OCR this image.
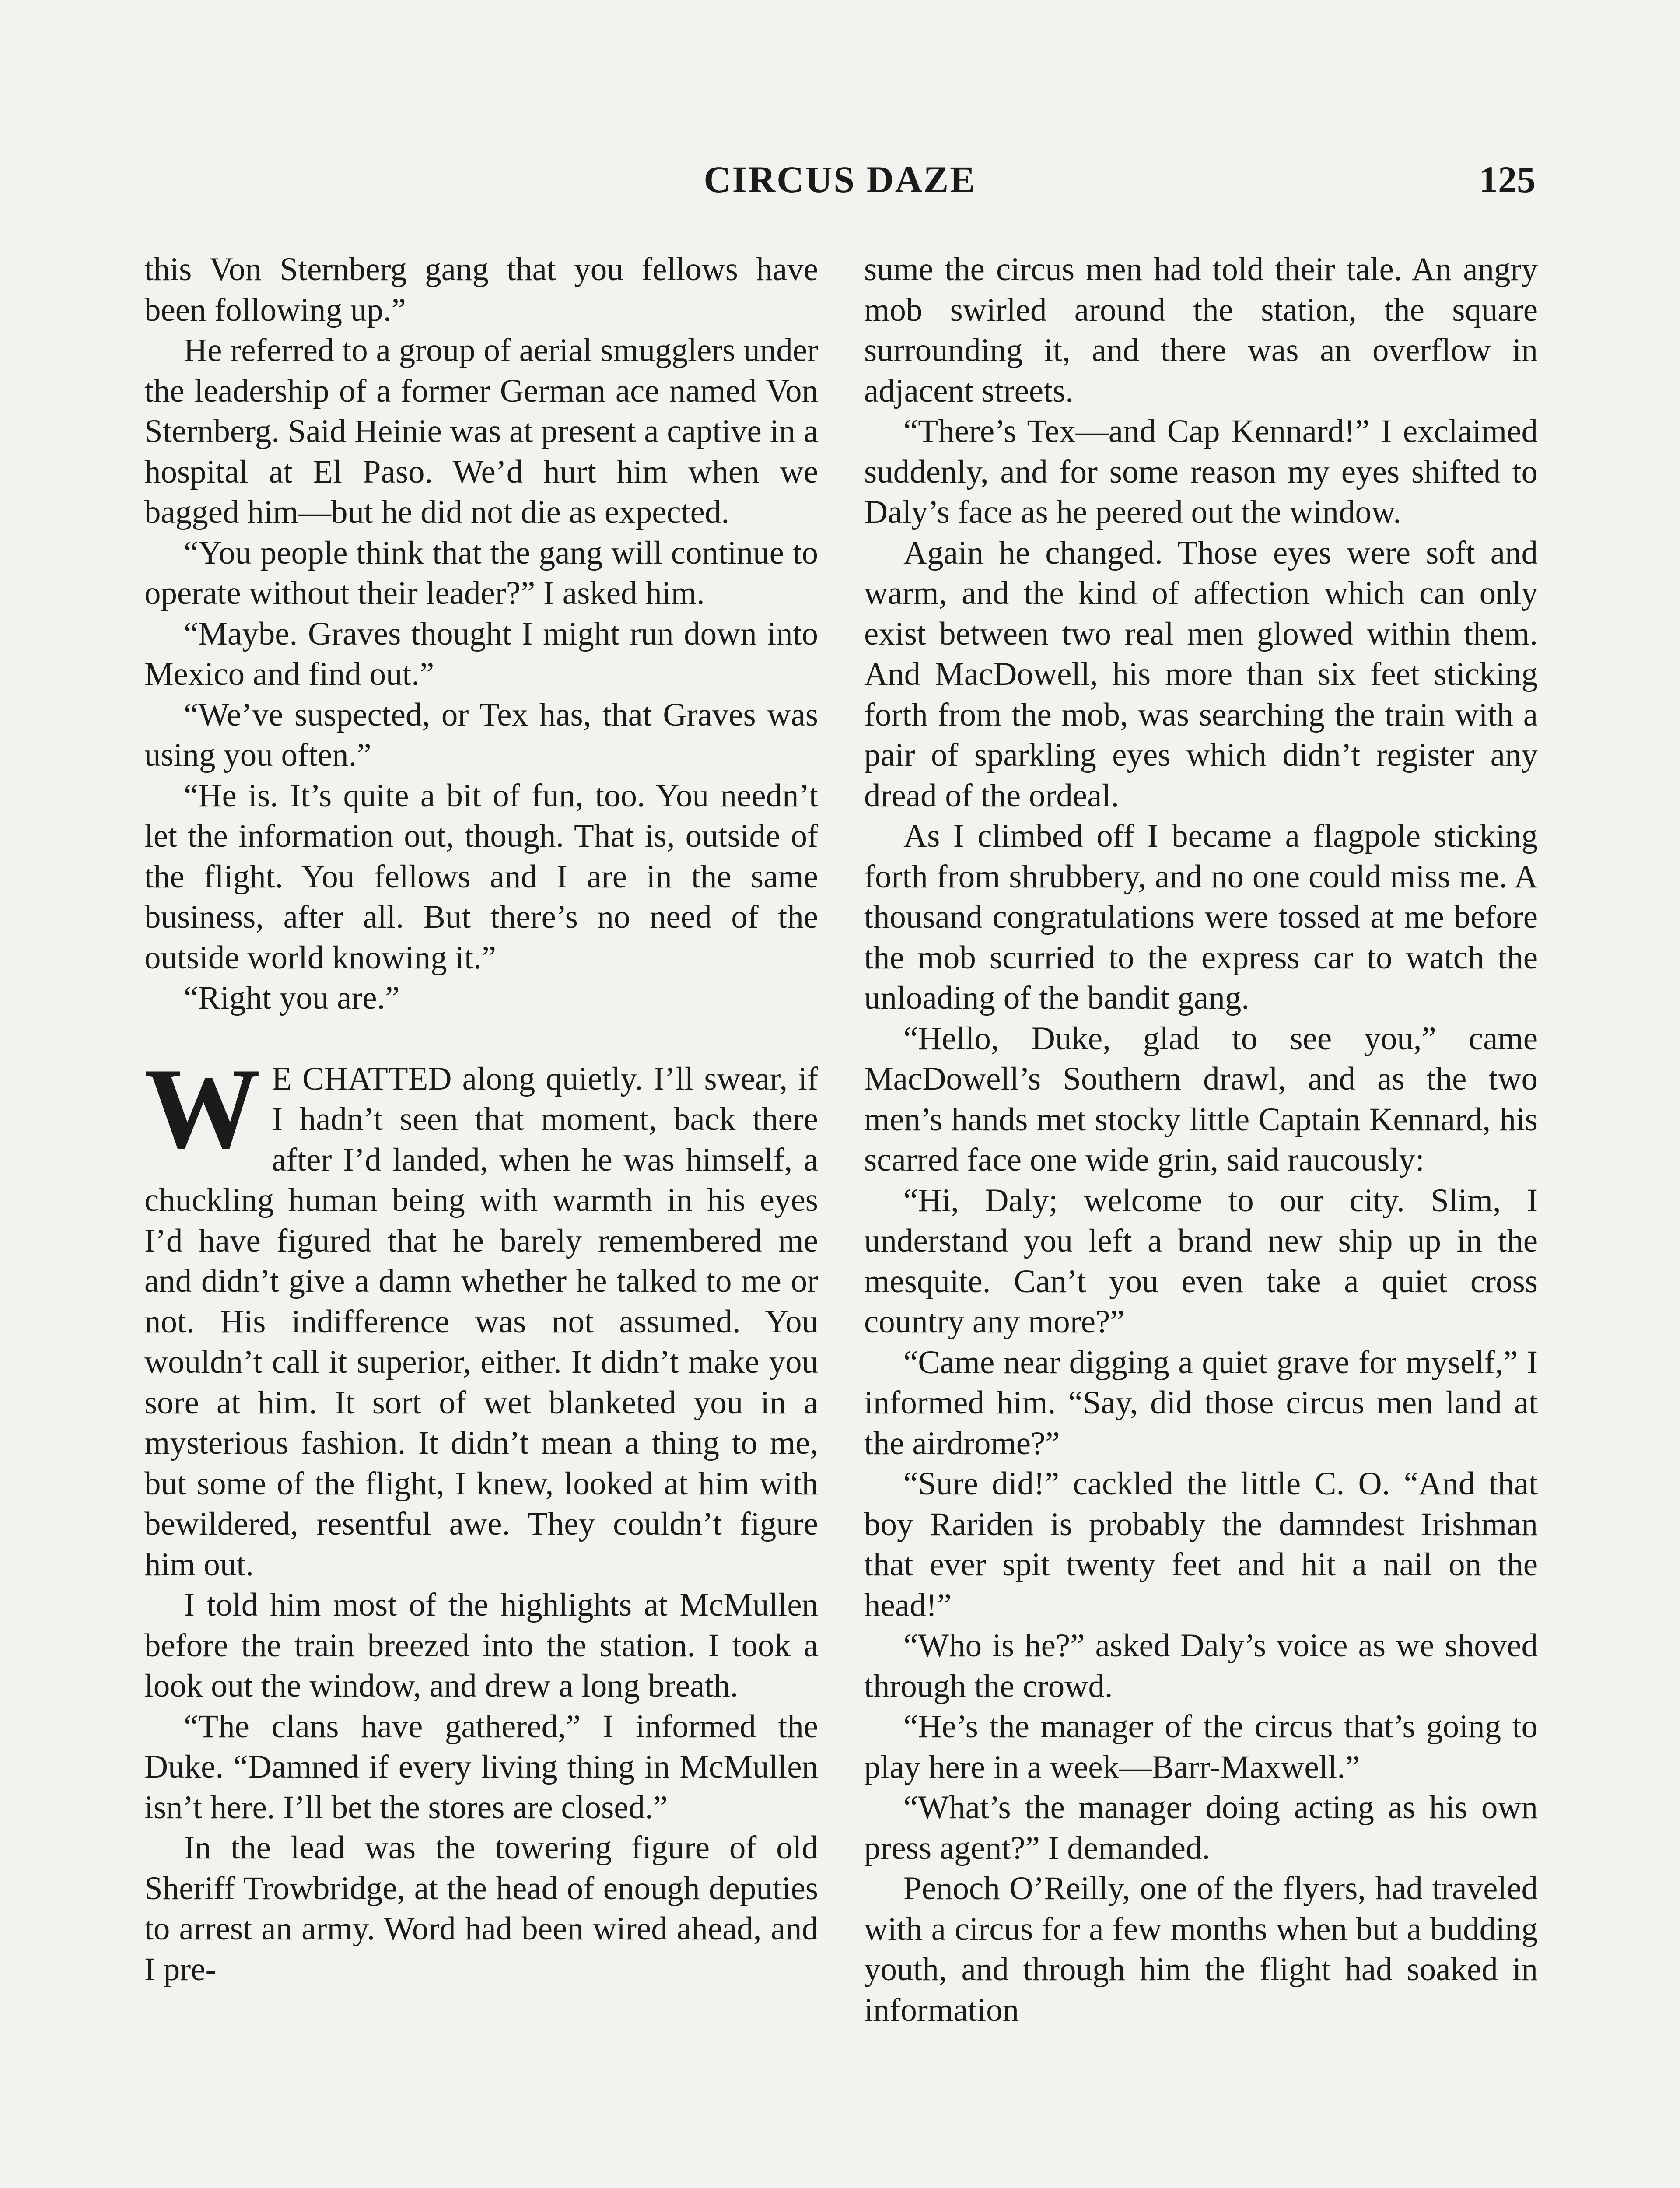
CIRCUS DAZE	125

this Von Sternberg gang that you fellows have been following up.”

He referred to a group of aerial smugglers under the leadership of a former German ace named Von Sternberg. Said Heinie was at present a captive in a hospital at El Paso. We’d hurt him when we bagged him—but he did not die as expected.

“You people think that the gang will continue to operate without their leader?” I asked him.

“Maybe. Graves thought I might run down into Mexico and find out.”

“We’ve suspected, or Tex has, that Graves was using you often.”

“He is. It’s quite a bit of fun, too. You needn’t let the information out, though. That is, outside of the flight. You fellows and I are in the same business, after all. But there’s no need of the outside world knowing it.”

“Right you are.”

W E CHATTED along quietly. I’ll swear, if I hadn’t seen that moment, back there after I’d landed, when he was himself, a chuckling human being with warmth in his eyes I’d have figured that he barely remembered me and didn’t give a damn whether he talked to me or not. His indifference was not assumed. You wouldn’t call it superior, either. It didn’t make you sore at him. It sort of wet blanketed you in a mysterious fashion. It didn’t mean a thing to me, but some of the flight, I knew, looked at him with bewildered, resentful awe. They couldn’t figure him out.

I told him most of the highlights at McMullen before the train breezed into the station. I took a look out the window, and drew a long breath.

“The clans have gathered,” I informed the Duke. “Damned if every living thing in McMullen isn’t here. I’ll bet the stores are closed.”

In the lead was the towering figure of old Sheriff Trowbridge, at the head of enough deputies to arrest an army. Word had been wired ahead, and I pre-

sume the circus men had told their tale. An angry mob swirled around the station, the square surrounding it, and there was an overflow in adjacent streets.

“There’s Tex—and Cap Kennard!” I exclaimed suddenly, and for some reason my eyes shifted to Daly’s face as he peered out the window.

Again he changed. Those eyes were soft and warm, and the kind of affection which can only exist between two real men glowed within them. And MacDowell, his more than six feet sticking forth from the mob, was searching the train with a pair of sparkling eyes which didn’t register any dread of the ordeal.

As I climbed off I became a flagpole sticking forth from shrubbery, and no one could miss me. A thousand congratulations were tossed at me before the mob scurried to the express car to watch the unloading of the bandit gang.

“Hello, Duke, glad to see you,” came MacDowell’s Southern drawl, and as the two men’s hands met stocky little Captain Kennard, his scarred face one wide grin, said raucously:

“Hi, Daly; welcome to our city. Slim, I understand you left a brand new ship up in the mesquite. Can’t you even take a quiet cross country any more?”

“Came near digging a quiet grave for myself,” I informed him. “Say, did those circus men land at the airdrome?”

“Sure did!” cackled the little C. O. “And that boy Rariden is probably the damndest Irishman that ever spit twenty feet and hit a nail on the head!”

“Who is he?” asked Daly’s voice as we shoved through the crowd.

“He’s the manager of the circus that’s going to play here in a week—Barr-Maxwell.”

“What’s the manager doing acting as his own press agent?” I demanded.

Penoch O’Reilly, one of the flyers, had traveled with a circus for a few months when but a budding youth, and through him the flight had soaked in information
